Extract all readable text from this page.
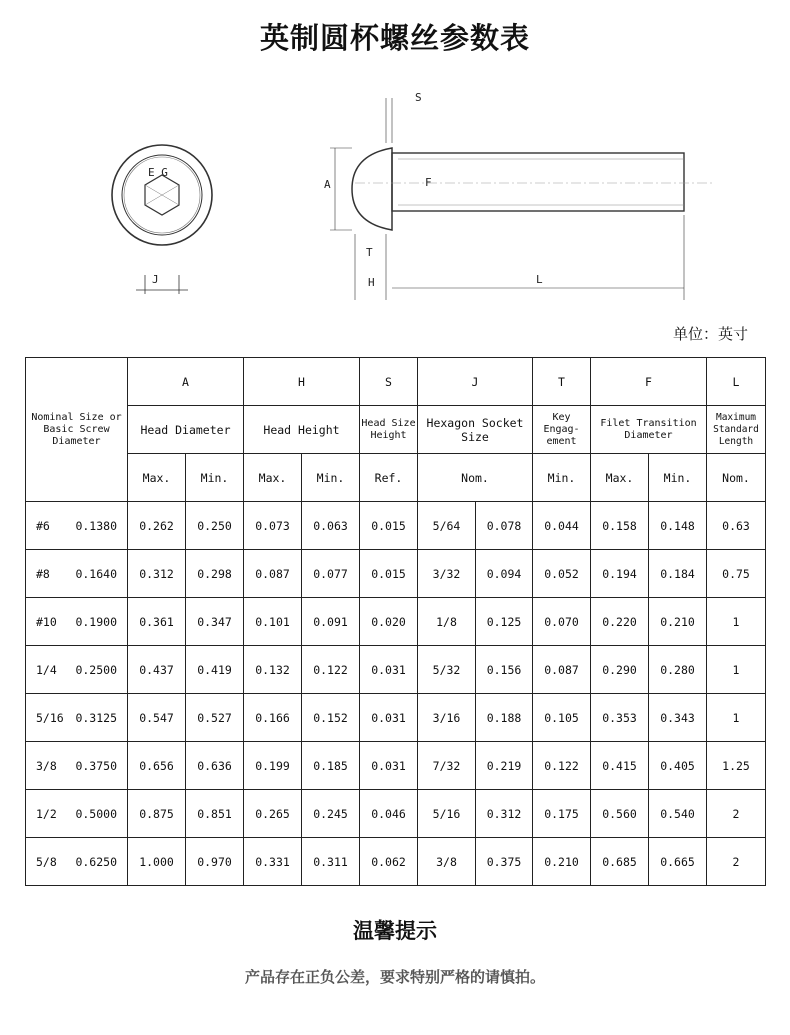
英制圆杯螺丝参数表
E G
J
S
A	F
T
H	L
单位：英寸
Nominal Size or Basic Screw Diameter	A		H		S	J		T	F		L
	Head Diameter		Head Height		Head Size Height	Hexagon Socket Size		Key Engag- ement	Filet Transition Diameter		Maximum Standard Length
	Max.	Min.	Max.	Min.	Ref.	Nom.		Min.	Max.	Min.	Nom.

#6 0.1380	0.262	0.250	0.073	0.063	0.015	5/64	0.078	0.044	0.158	0.148	0.63

#8 0.1640	0.312	0.298	0.087	0.077	0.015	3/32	0.094	0.052	0.194	0.184	0.75

#10 0.1900	0.361	0.347	0.101	0.091	0.020	1/8	0.125	0.070	0.220	0.210	1

1/4 0.2500	0.437	0.419	0.132	0.122	0.031	5/32	0.156	0.087	0.290	0.280	1

5/16 0.3125	0.547	0.527	0.166	0.152	0.031	3/16	0.188	0.105	0.353	0.343	1

3/8 0.3750	0.656	0.636	0.199	0.185	0.031	7/32	0.219	0.122	0.415	0.405	1.25

1/2 0.5000	0.875	0.851	0.265	0.245	0.046	5/16	0.312	0.175	0.560	0.540	2

5/8 0.6250	1.000	0.970	0.331	0.311	0.062	3/8	0.375	0.210	0.685	0.665	2
温馨提示
产品存在正负公差，要求特别严格的请慎拍。
